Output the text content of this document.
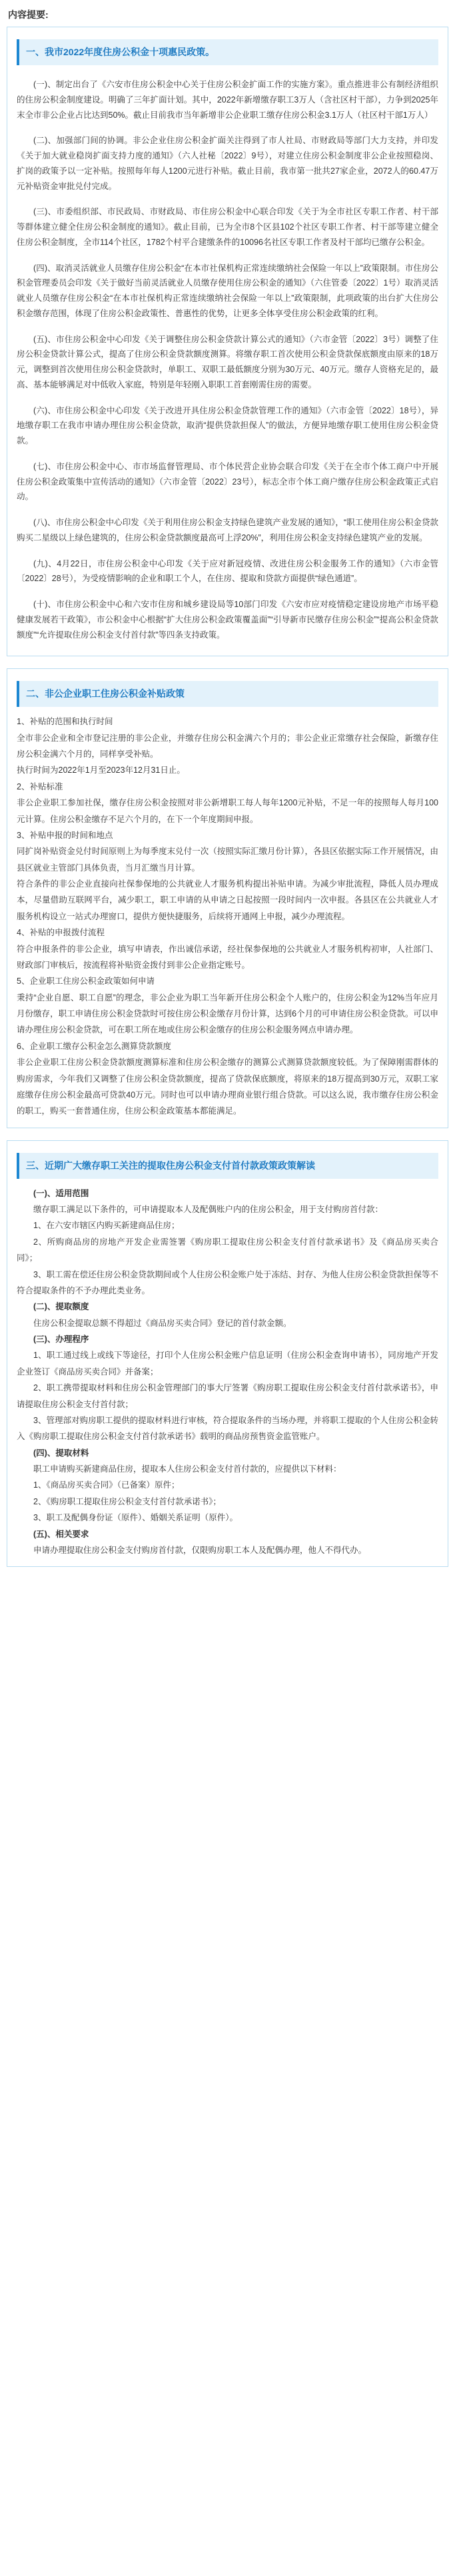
内容提要:
一、我市2022年度住房公积金十项惠民政策。
(一)、制定出台了《六安市住房公积金中心关于住房公积金扩面工作的实施方案》。重点推进非公有制经济组织的住房公积金制度建设。明确了三年扩面计划。其中，2022年新增缴存职工3万人（含社区村干部），力争到2025年末全市非公企业占比达到50%。截止目前我市当年新增非公企业职工缴存住房公积金3.1万人（社区村干部1万人）
(二)、加强部门间的协调。非公企业住房公积金扩面关注得到了市人社局、市财政局等部门大力支持，并印发《关于加大就业稳岗扩面支持力度的通知》（六人社秘〔2022〕9号），对建立住房公积金制度非公企业按照稳岗、扩岗的政策予以一定补贴。按照每年每人1200元进行补贴。截止目前，我市第一批共27家企业，2072人的60.47万元补贴资金审批兑付完成。
(三)、市委组织部、市民政局、市财政局、市住房公积金中心联合印发《关于为全市社区专职工作者、村干部等群体建立健全住房公积金制度的通知》。截止目前，已为全市8个区县102个社区专职工作者、村干部等建立健全住房公积金制度，全市114个社区，1782个村平合建缴条件的10096名社区专职工作者及村干部均已缴存公积金。
(四)、取消灵活就业人员缴存住房公积金“在本市社保机构正常连续缴纳社会保险一年以上”政策限制。市住房公积金管理委员会印发《关于做好当前灵活就业人员缴存使用住房公积金的通知》（六住管委〔2022〕1号）取消灵活就业人员缴存住房公积金“在本市社保机构正常连续缴纳社会保险一年以上”政策限制，此项政策的出台扩大住房公积金缴存范围，体现了住房公积金政策性、普惠性的优势，让更多全体享受住房公积金政策的红利。
(五)、市住房公积金中心印发《关于调整住房公积金贷款计算公式的通知》（六市金管〔2022〕3号）调整了住房公积金贷款计算公式，提高了住房公积金贷款额度测算。将缴存职工首次使用公积金贷款保底额度由原来的18万元，调整到首次使用住房公积金贷款时，单职工、双职工最低额度分别为30万元、40万元。缴存人资格充足的，最高、基本能够满足对中低收入家庭，特别是年轻刚入职职工首套刚需住房的需要。
(六)、市住房公积金中心印发《关于改进开具住房公积金贷款管理工作的通知》（六市金管〔2022〕18号），异地缴存职工在我市申请办理住房公积金贷款，取消“提供贷款担保人”的做法，方便异地缴存职工使用住房公积金贷款。
(七)、市住房公积金中心、市市场监督管理局、市个体民营企业协会联合印发《关于在全市个体工商户中开展住房公积金政策集中宣传活动的通知》（六市金管〔2022〕23号），标志全市个体工商户缴存住房公积金政策正式启动。
(八)、市住房公积金中心印发《关于利用住房公积金支持绿色建筑产业发展的通知》，“职工使用住房公积金贷款购买二星级以上绿色建筑的，住房公积金贷款额度最高可上浮20%”，利用住房公积金支持绿色建筑产业的发展。
(九)、4月22日，市住房公积金中心印发《关于应对新冠疫情、改进住房公积金服务工作的通知》（六市金管〔2022〕28号），为受疫情影响的企业和职工个人，在住房、提取和贷款方面提供“绿色通道”。
(十)、市住房公积金中心和六安市住房和城乡建设局等10部门印发《六安市应对疫情稳定建设房地产市场平稳健康发展若干政策》，市公积金中心根据“扩大住房公积金政策覆盖面”“引导新市民缴存住房公积金”“提高公积金贷款额度”“允许提取住房公积金支付首付款”等四条支持政策。
二、非公企业职工住房公积金补贴政策
1、补贴的范围和执行时间
全市非公企业和全市登记注册的非公企业，并缴存住房公积金满六个月的；非公企业正常缴存社会保险，新缴存住房公积金满六个月的，同样享受补贴。
执行时间为2022年1月至2023年12月31日止。
2、补贴标准
非公企业职工参加社保，缴存住房公积金按照对非公新增职工每人每年1200元补贴，不足一年的按照每人每月100元计算。住房公积金缴存不足六个月的，在下一个年度期间申报。
3、补贴申报的时间和地点
同扩岗补贴资金兑付时间原则上为每季度末兑付一次（按照实际汇缴月份计算），各县区依据实际工作开展情况，由县区就业主管部门具体负责，当月汇缴当月计算。
符合条件的非公企业直接向社保参保地的公共就业人才服务机构提出补贴申请。为减少审批流程，降低人员办理成本，尽量借助互联网平台，减少职工，职工申请的从申请之日起按照一段时间内一次申报。各县区在公共就业人才服务机构设立一站式办理窗口，提供方便快捷服务，后续将开通网上申报，减少办理流程。
4、补贴的申报拨付流程
符合申报条件的非公企业，填写申请表，作出诚信承诺，经社保参保地的公共就业人才服务机构初审，人社部门、财政部门审核后，按流程将补贴资金拨付到非公企业指定账号。
5、企业职工住房公积金政策如何申请
秉持“企业自愿、职工自愿”的理念，非公企业为职工当年新开住房公积金个人账户的，住房公积金为12%当年应月月份缴存，职工申请住房公积金贷款时可按住房公积金缴存月份计算，达到6个月的可申请住房公积金贷款。可以申请办理住房公积金贷款，可在职工所在地或住房公积金缴存的住房公积金服务网点申请办理。
6、企业职工缴存公积金怎么测算贷款额度
非公企业职工住房公积金贷款额度测算标准和住房公积金缴存的测算公式测算贷款额度较低。为了保障刚需群体的购房需求，今年我们又调整了住房公积金贷款额度，提高了贷款保底额度，将原来的18万提高到30万元，双职工家庭缴存住房公积金最高可贷款40万元。同时也可以申请办理商业银行组合贷款。可以这么说，我市缴存住房公积金的职工，购买一套普通住房，住房公积金政策基本都能满足。
三、近期广大缴存职工关注的提取住房公积金支付首付款政策政策解读
(一)、适用范围
缴存职工满足以下条件的，可申请提取本人及配偶账户内的住房公积金，用于支付购房首付款：
1、在六安市辖区内购买新建商品住房；
2、所购商品房的房地产开发企业需签署《购房职工提取住房公积金支付首付款承诺书》及《商品房买卖合同》；
3、职工需在偿还住房公积金贷款期间或个人住房公积金账户处于冻结、封存、为他人住房公积金贷款担保等不符合提取条件的不予办理此类业务。
(二)、提取额度
住房公积金提取总额不得超过《商品房买卖合同》登记的首付款金额。
(三)、办理程序
1、职工通过线上或线下等途径，打印个人住房公积金账户信息证明（住房公积金查询申请书），同房地产开发企业签订《商品房买卖合同》并备案；
2、职工携带提取材料和住房公积金管理部门的事大厅签署《购房职工提取住房公积金支付首付款承诺书》，申请提取住房公积金支付首付款；
3、管理部对购房职工提供的提取材料进行审核，符合提取条件的当场办理，并将职工提取的个人住房公积金转入《购房职工提取住房公积金支付首付款承诺书》载明的商品房预售资金监管账户。
(四)、提取材料
职工申请购买新建商品住房，提取本人住房公积金支付首付款的，应提供以下材料：
1、《商品房买卖合同》（已备案）原件；
2、《购房职工提取住房公积金支付首付款承诺书》；
3、职工及配偶身份证（原件）、婚姻关系证明（原件）。
(五)、相关要求
申请办理提取住房公积金支付购房首付款，仅限购房职工本人及配偶办理，他人不得代办。
